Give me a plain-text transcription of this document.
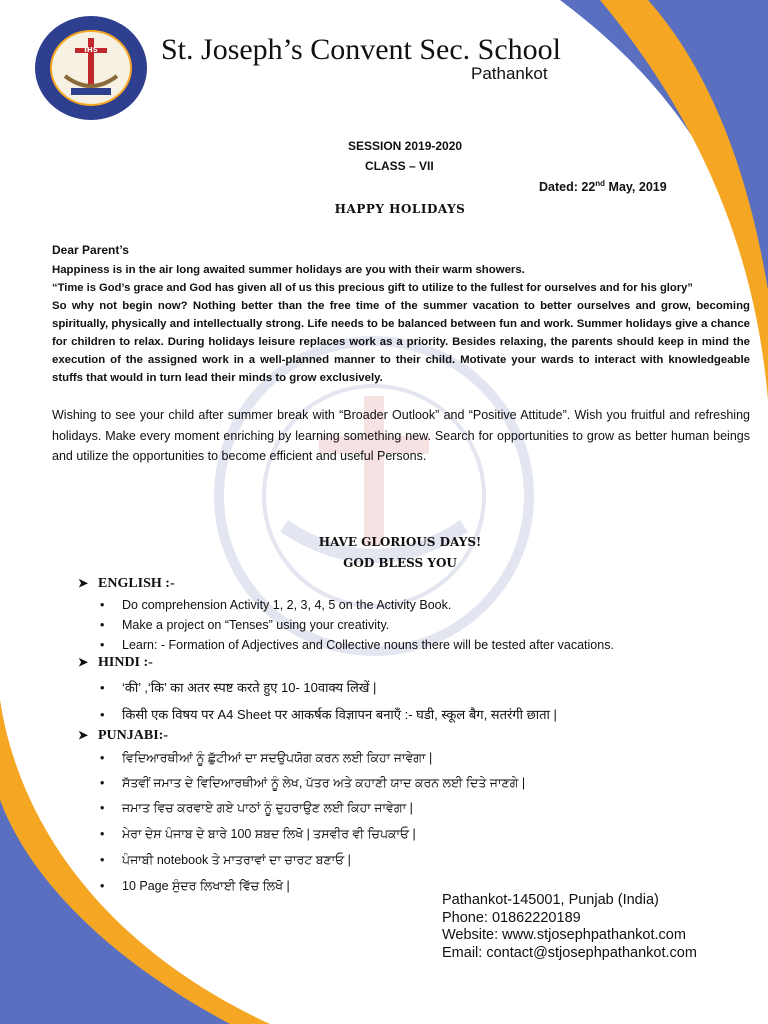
IHS St. Joseph’s Convent Sec. School
Pathankot
SESSION 2019-2020
CLASS – VII
Dated: 22nd May, 2019
HAPPY HOLIDAYS
Dear Parent’s
Happiness is in the air long awaited summer holidays are you with their warm showers.
“Time is God’s grace and God has given all of us this precious gift to utilize to the fullest for ourselves and for his glory”
So why not begin now? Nothing better than the free time of the summer vacation to better ourselves and grow, becoming spiritually, physically and intellectually strong. Life needs to be balanced between fun and work. Summer holidays give a chance for children to relax. During holidays leisure replaces work as a priority. Besides relaxing, the parents should keep in mind the execution of the assigned work in a well-planned manner to their child. Motivate your wards to interact with knowledgeable stuffs that would in turn lead their minds to grow exclusively.
Wishing to see your child after summer break with “Broader Outlook” and “Positive Attitude”. Wish you fruitful and refreshing holidays. Make every moment enriching by learning something new. Search for opportunities to grow as better human beings and utilize the opportunities to become efficient and useful Persons.
HAVE GLORIOUS DAYS!
GOD BLESS YOU
➤ ENGLISH :-
• Do comprehension Activity 1, 2, 3, 4, 5 on the Activity Book.
• Make a project on “Tenses” using your creativity.
• Learn: - Formation of Adjectives and Collective nouns there will be tested after vacations.
➤ HINDI :-
• ‘की’ ,‘कि’ का अतर स्पष्ट करते हुए 10- 10वाक्य लिखें |
• किसी एक विषय पर A4 Sheet पर आकर्षक विज्ञापन बनाएँ :- घडी, स्कूल बैग, सतरंगी छाता |
➤ PUNJABI:-
• ਵਿਦਿਆਰਥੀਆਂ ਨੂੰ ਛੁੱਟੀਆਂ ਦਾ ਸਦਉਪਯੋਗ ਕਰਨ ਲਈ ਕਿਹਾ ਜਾਵੇਗਾ |
• ਸੱਤਵੀਂ ਜਮਾਤ ਦੇ ਵਿਦਿਆਰਥੀਆਂ ਨੂੰ ਲੇਖ, ਪੱਤਰ ਅਤੇ ਕਹਾਣੀ ਯਾਦ ਕਰਨ ਲਈ ਦਿਤੇ ਜਾਣਗੇ |
• ਜਮਾਤ ਵਿਚ ਕਰਵਾਏ ਗਏ ਪਾਠਾਂ ਨੂੰ ਦੁਹਰਾਉਣ ਲਈ ਕਿਹਾ ਜਾਵੇਗਾ |
• ਮੇਰਾ ਦੇਸ ਪੰਜਾਬ ਦੇ ਬਾਰੇ 100 ਸ਼ਬਦ ਲਿਖੋ | ਤਸਵੀਰ ਵੀ ਚਿਪਕਾਓ |
• ਪੰਜਾਬੀ notebook ਤੇ ਮਾਤਰਾਵਾਂ ਦਾ ਚਾਰਟ ਬਣਾਓ |
• 10 Page ਸੁੰਦਰ ਲਿਖਾਈ ਵਿੱਚ ਲਿਖੋ |
Pathankot-145001, Punjab (India)
Phone: 01862220189
Website: www.stjosephpathankot.com
Email: contact@stjosephpathankot.com
